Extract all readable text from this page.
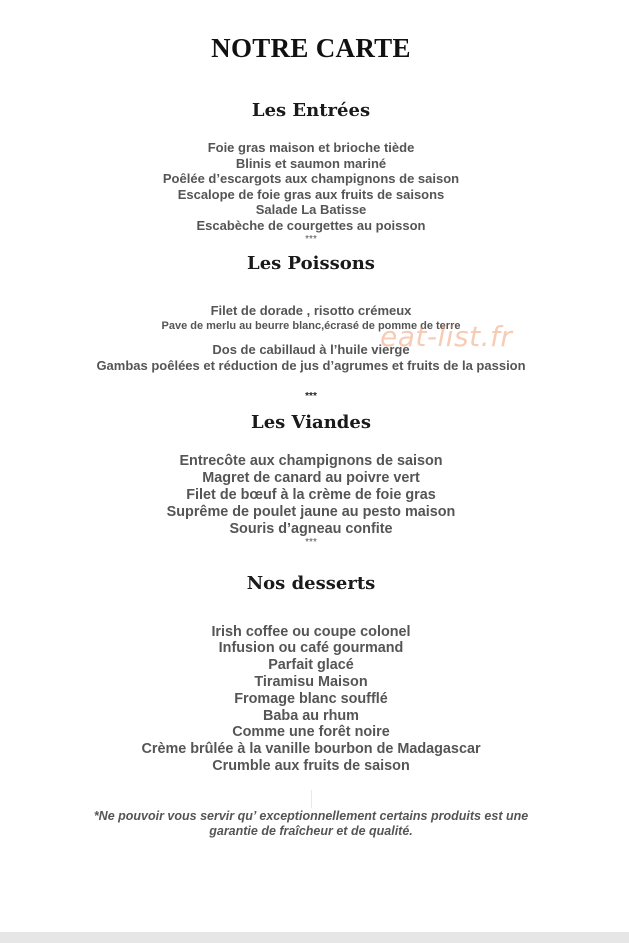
NOTRE CARTE
Les Entrées
Foie gras maison et brioche tiède
Blinis et saumon mariné
Poêlée d’escargots aux champignons de saison
Escalope de foie gras aux fruits de saisons
Salade La Batisse
Escabèche de courgettes au poisson
***
Les Poissons
Filet de dorade , risotto crémeux
Pave de merlu au beurre blanc,écrasé de pomme de terre
Dos de cabillaud à l’huile vierge
Gambas poêlées et réduction de jus d’agrumes et fruits de la passion
***
Les Viandes
Entrecôte aux champignons de saison
Magret de canard au poivre vert
Filet de bœuf à la crème de foie gras
Suprême de poulet jaune au pesto maison
Souris d’agneau confite
***
Nos desserts
Irish coffee ou coupe colonel
Infusion ou café gourmand
Parfait glacé
Tiramisu Maison
Fromage blanc soufflé
Baba au rhum
Comme une forêt noire
Crème brûlée à la vanille bourbon de Madagascar
Crumble aux fruits de saison
*Ne pouvoir vous servir qu’ exceptionnellement certains produits est une
garantie de fraîcheur et de qualité.
eat-list.fr
